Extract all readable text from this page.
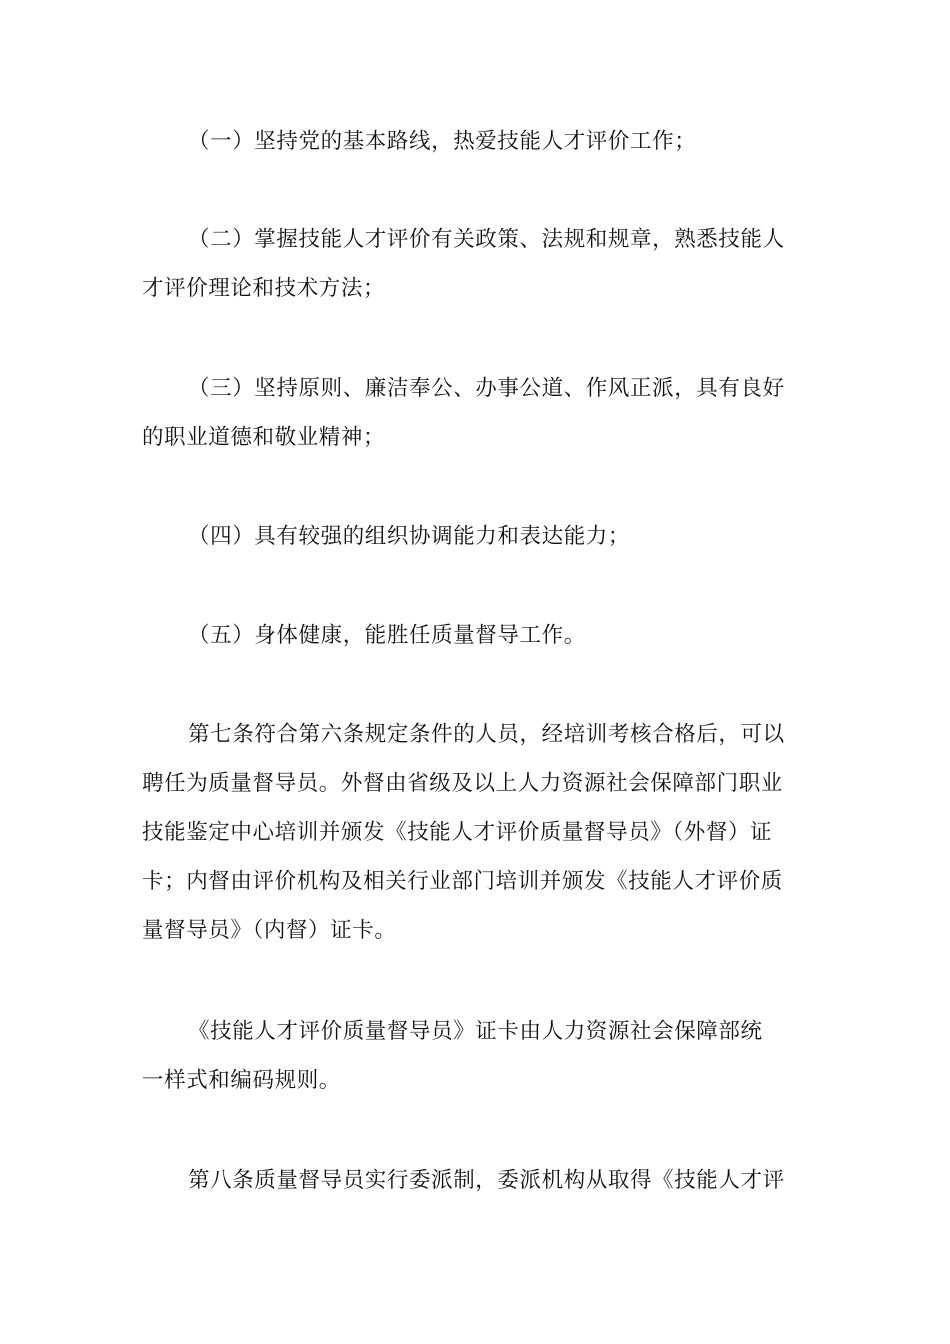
（一）坚持党的基本路线，热爱技能人才评价工作；
（二）掌握技能人才评价有关政策、法规和规章，熟悉技能人
才评价理论和技术方法；
（三）坚持原则、廉洁奉公、办事公道、作风正派，具有良好
的职业道德和敬业精神；
（四）具有较强的组织协调能力和表达能力；
（五）身体健康，能胜任质量督导工作。
第七条符合第六条规定条件的人员，经培训考核合格后，可以
聘任为质量督导员。外督由省级及以上人力资源社会保障部门职业
技能鉴定中心培训并颁发《技能人才评价质量督导员》（外督）证
卡；内督由评价机构及相关行业部门培训并颁发《技能人才评价质
量督导员》（内督）证卡。
《技能人才评价质量督导员》证卡由人力资源社会保障部统
一样式和编码规则。
第八条质量督导员实行委派制，委派机构从取得《技能人才评
